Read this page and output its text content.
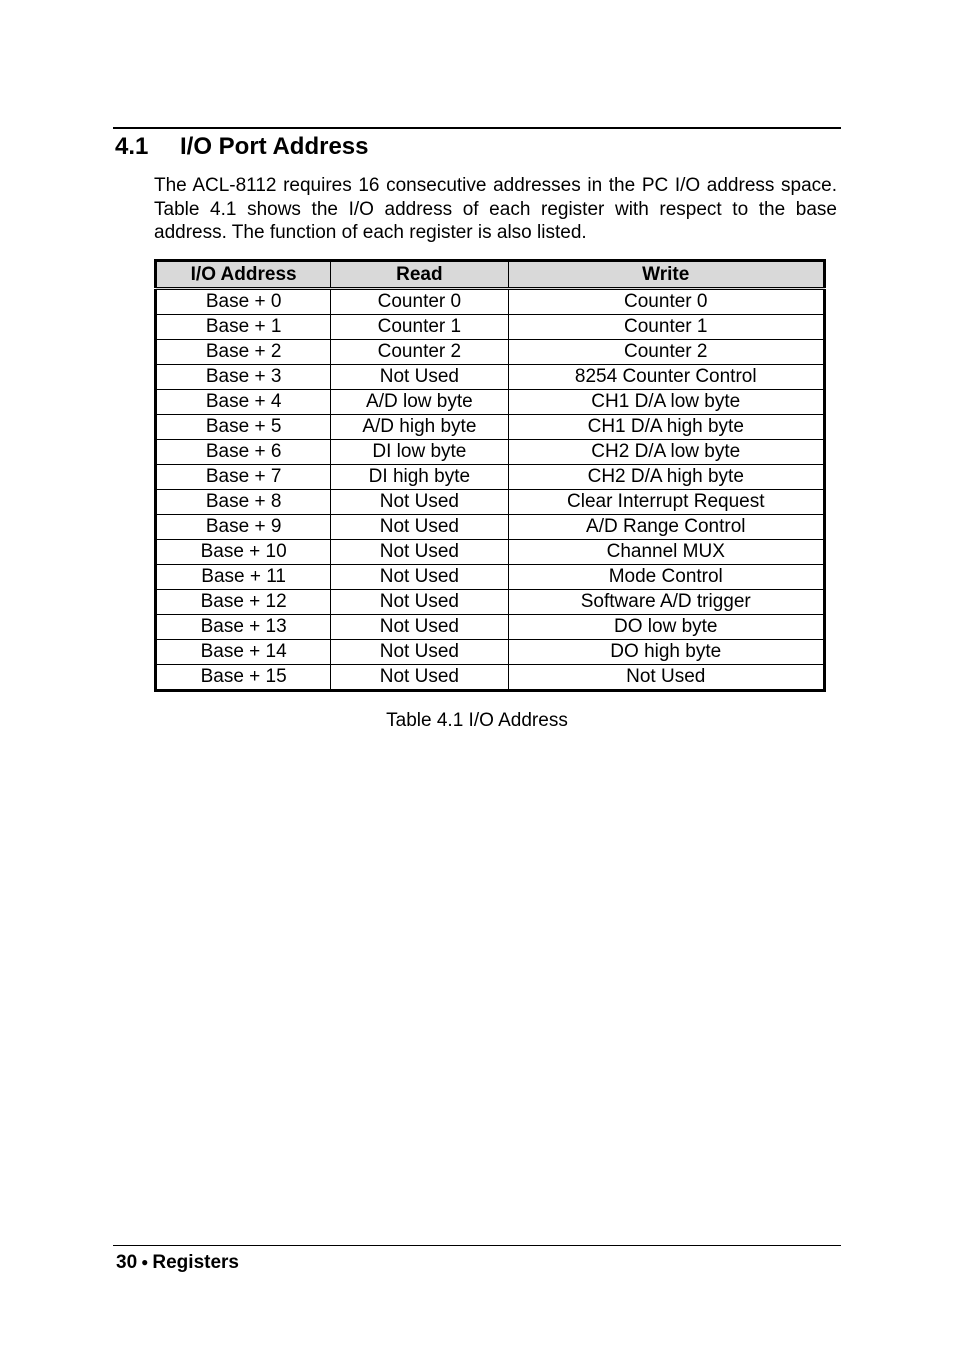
4.1 I/O Port Address

The ACL-8112 requires 16 consecutive addresses in the PC I/O address space. Table 4.1 shows the I/O address of each register with respect to the base address. The function of each register is also listed.

I/O Address	Read	Write
Base + 0	Counter 0	Counter 0
Base + 1	Counter 1	Counter 1
Base + 2	Counter 2	Counter 2
Base + 3	Not Used	8254 Counter Control
Base + 4	A/D low byte	CH1 D/A low byte
Base + 5	A/D high byte	CH1 D/A high byte
Base + 6	DI low byte	CH2 D/A low byte
Base + 7	DI high byte	CH2 D/A high byte
Base + 8	Not Used	Clear Interrupt Request
Base + 9	Not Used	A/D Range Control
Base + 10	Not Used	Channel MUX
Base + 11	Not Used	Mode Control
Base + 12	Not Used	Software A/D trigger
Base + 13	Not Used	DO low byte
Base + 14	Not Used	DO high byte
Base + 15	Not Used	Not Used
Table 4.1 I/O Address
30 ● Registers
